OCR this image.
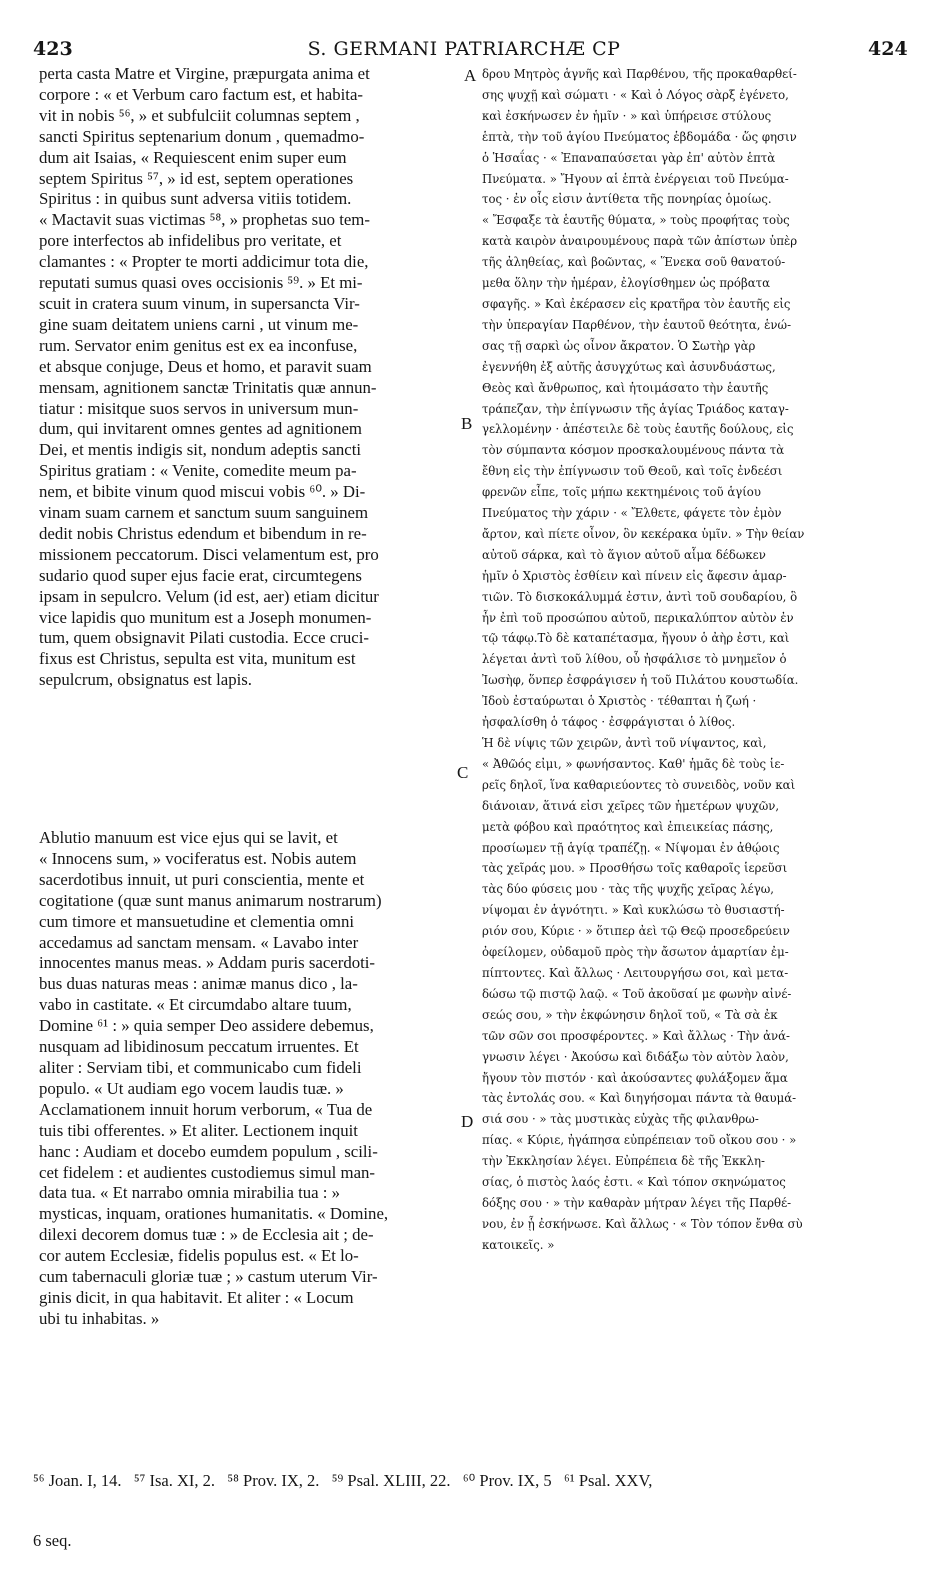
423	S. GERMANI PATRIARCHÆ CP	424
perta casta Matre et Virgine, præpurgata anima et
corpore : « et Verbum caro factum est, et habita-
vit in nobis ⁵⁶, » et subfulciit columnas septem ,
sancti Spiritus septenarium donum , quemadmo-
dum ait Isaias, « Requiescent enim super eum
septem Spiritus ⁵⁷, » id est, septem operationes
Spiritus : in quibus sunt adversa vitiis totidem.
« Mactavit suas victimas ⁵⁸, » prophetas suo tem-
pore interfectos ab infidelibus pro veritate, et
clamantes : « Propter te morti addicimur tota die,
reputati sumus quasi oves occisionis ⁵⁹. » Et mi-
scuit in cratera suum vinum, in supersancta Vir-
gine suam deitatem uniens carni , ut vinum me-
rum. Servator enim genitus est ex ea inconfuse,
et absque conjuge, Deus et homo, et paravit suam
mensam, agnitionem sanctæ Trinitatis quæ annun-
tiatur : misitque suos servos in universum mun-
dum, qui invitarent omnes gentes ad agnitionem
Dei, et mentis indigis sit, nondum adeptis sancti
Spiritus gratiam : « Venite, comedite meum pa-
nem, et bibite vinum quod miscui vobis ⁶⁰. » Di-
vinam suam carnem et sanctum suum sanguinem
dedit nobis Christus edendum et bibendum in re-
missionem peccatorum. Disci velamentum est, pro
sudario quod super ejus facie erat, circumtegens
ipsam in sepulcro. Velum (id est, aer) etiam dicitur
vice lapidis quo munitum est a Joseph monumen-
tum, quem obsignavit Pilati custodia. Ecce cruci-
fixus est Christus, sepulta est vita, munitum est
sepulcrum, obsignatus est lapis.
Ablutio manuum est vice ejus qui se lavit, et
« Innocens sum, » vociferatus est. Nobis autem
sacerdotibus innuit, ut puri conscientia, mente et
cogitatione (quæ sunt manus animarum nostrarum)
cum timore et mansuetudine et clementia omni
accedamus ad sanctam mensam. « Lavabo inter
innocentes manus meas. » Addam puris sacerdoti-
bus duas naturas meas : animæ manus dico , la-
vabo in castitate. « Et circumdabo altare tuum,
Domine ⁶¹ : » quia semper Deo assidere debemus,
nusquam ad libidinosum peccatum irruentes. Et
aliter : Serviam tibi, et communicabo cum fideli
populo. « Ut audiam ego vocem laudis tuæ. »
Acclamationem innuit horum verborum, « Tua de
tuis tibi offerentes. » Et aliter. Lectionem inquit
hanc : Audiam et docebo eumdem populum , scili-
cet fidelem : et audientes custodiemus simul man-
data tua. « Et narrabo omnia mirabilia tua : »
mysticas, inquam, orationes humanitatis. « Domine,
dilexi decorem domus tuæ : » de Ecclesia ait ; de-
cor autem Ecclesiæ, fidelis populus est. « Et lo-
cum tabernaculi gloriæ tuæ ; » castum uterum Vir-
ginis dicit, in qua habitavit. Et aliter : « Locum
ubi tu inhabitas. »
δρου Μητρὸς ἁγνῆς καὶ Παρθένου, τῆς προκαθαρθεί-
σης ψυχῇ καὶ σώματι · « Καὶ ὁ Λόγος σὰρξ ἐγένετο,
καὶ ἐσκήνωσεν ἐν ἡμῖν · » καὶ ὑπήρεισε στύλους
ἑπτὰ, τὴν τοῦ ἁγίου Πνεύματος ἑβδομάδα · ὥς φησιν
ὁ Ἡσαΐας · « Ἐπαναπαύσεται γὰρ ἐπ' αὐτὸν ἑπτὰ
Πνεύματα. » Ἤγουν αἱ ἑπτὰ ἐνέργειαι τοῦ Πνεύμα-
τος · ἐν οἷς εἰσιν ἀντίθετα τῆς πονηρίας ὁμοίως.
« Ἔσφαξε τὰ ἑαυτῆς θύματα, » τοὺς προφήτας τοὺς
κατὰ καιρὸν ἀναιρουμένους παρὰ τῶν ἀπίστων ὑπὲρ
τῆς ἀληθείας, καὶ βοῶντας, « Ἕνεκα σοῦ θανατού-
μεθα ὅλην τὴν ἡμέραν, ἐλογίσθημεν ὡς πρόβατα
σφαγῆς. » Καὶ ἐκέρασεν εἰς κρατῆρα τὸν ἑαυτῆς εἰς
τὴν ὑπεραγίαν Παρθένον, τὴν ἑαυτοῦ θεότητα, ἑνώ-
σας τῇ σαρκὶ ὡς οἶνον ἄκρατον. Ὁ Σωτὴρ γὰρ
ἐγεννήθη ἐξ αὐτῆς ἀσυγχύτως καὶ ἀσυνδυάστως,
Θεὸς καὶ ἄνθρωπος, καὶ ἡτοιμάσατο τὴν ἑαυτῆς
τράπεζαν, τὴν ἐπίγνωσιν τῆς ἁγίας Τριάδος καταγ-
γελλομένην · ἀπέστειλε δὲ τοὺς ἑαυτῆς δούλους, εἰς
τὸν σύμπαντα κόσμον προσκαλουμένους πάντα τὰ
ἔθνη εἰς τὴν ἐπίγνωσιν τοῦ Θεοῦ, καὶ τοῖς ἐνδεέσι
φρενῶν εἶπε, τοῖς μήπω κεκτημένοις τοῦ ἁγίου
Πνεύματος τὴν χάριν · « Ἔλθετε, φάγετε τὸν ἐμὸν
ἄρτον, καὶ πίετε οἶνον, ὃν κεκέρακα ὑμῖν. » Τὴν θείαν
αὐτοῦ σάρκα, καὶ τὸ ἅγιον αὐτοῦ αἷμα δέδωκεν
ἡμῖν ὁ Χριστὸς ἐσθίειν καὶ πίνειν εἰς ἄφεσιν ἁμαρ-
τιῶν. Τὸ δισκοκάλυμμά ἐστιν, ἀντὶ τοῦ σουδαρίου, ὃ
ἦν ἐπὶ τοῦ προσώπου αὐτοῦ, περικαλύπτον αὐτὸν ἐν
τῷ τάφῳ.Τὸ δὲ καταπέτασμα, ἤγουν ὁ ἀὴρ ἐστι, καὶ
λέγεται ἀντὶ τοῦ λίθου, οὗ ἠσφάλισε τὸ μνημεῖον ὁ
Ἰωσὴφ, ὅνπερ ἐσφράγισεν ἡ τοῦ Πιλάτου κουστωδία.
Ἰδοὺ ἐσταύρωται ὁ Χριστὸς · τέθαπται ἡ ζωή ·
ἠσφαλίσθη ὁ τάφος · ἐσφράγισται ὁ λίθος.
Ἡ δὲ νίψις τῶν χειρῶν, ἀντὶ τοῦ νίψαντος, καὶ,
« Ἀθῶός εἰμι, » φωνήσαντος. Καθ' ἡμᾶς δὲ τοὺς ἱε-
ρεῖς δηλοῖ, ἵνα καθαριεύοντες τὸ συνειδὸς, νοῦν καὶ
διάνοιαν, ἅτινά εἰσι χεῖρες τῶν ἡμετέρων ψυχῶν,
μετὰ φόβου καὶ πραότητος καὶ ἐπιεικείας πάσης,
προσίωμεν τῇ ἁγίᾳ τραπέζῃ. « Νίψομαι ἐν ἀθῴοις
τὰς χεῖράς μου. » Προσθήσω τοῖς καθαροῖς ἱερεῦσι
τὰς δύο φύσεις μου · τὰς τῆς ψυχῆς χεῖρας λέγω,
νίψομαι ἐν ἁγνότητι. » Καὶ κυκλώσω τὸ θυσιαστή-
ριόν σου, Κύριε · » ὅτιπερ ἀεὶ τῷ Θεῷ προσεδρεύειν
ὀφείλομεν, οὐδαμοῦ πρὸς τὴν ἄσωτον ἁμαρτίαν ἐμ-
πίπτοντες. Καὶ ἄλλως · Λειτουργήσω σοι, καὶ μετα-
δώσω τῷ πιστῷ λαῷ. « Τοῦ ἀκοῦσαί με φωνὴν αἰνέ-
σεώς σου, » τὴν ἐκφώνησιν δηλοῖ τοῦ, « Τὰ σὰ ἐκ
τῶν σῶν σοι προσφέροντες. » Καὶ ἄλλως · Τὴν ἀνά-
γνωσιν λέγει · Ἀκούσω καὶ διδάξω τὸν αὐτὸν λαὸν,
ἤγουν τὸν πιστόν · καὶ ἀκούσαντες φυλάξομεν ἅμα
τὰς ἐντολάς σου. « Καὶ διηγήσομαι πάντα τὰ θαυμά-
σιά σου · » τὰς μυστικὰς εὐχὰς τῆς φιλανθρω-
πίας. « Κύριε, ἠγάπησα εὐπρέπειαν τοῦ οἴκου σου · »
τὴν Ἐκκλησίαν λέγει. Εὐπρέπεια δὲ τῆς Ἐκκλη-
σίας, ὁ πιστὸς λαός ἐστι. « Καὶ τόπον σκηνώματος
δόξης σου · » τὴν καθαρὰν μήτραν λέγει τῆς Παρθέ-
νου, ἐν ᾗ ἐσκήνωσε. Καὶ ἄλλως · « Τὸν τόπον ἔνθα σὺ
κατοικεῖς. »
A
B
C
D

⁵⁶ Joan. I, 14.   ⁵⁷ Isa. XI, 2.   ⁵⁸ Prov. IX, 2.   ⁵⁹ Psal. XLIII, 22.   ⁶⁰ Prov. IX, 5   ⁶¹ Psal. XXV,

6 seq.
